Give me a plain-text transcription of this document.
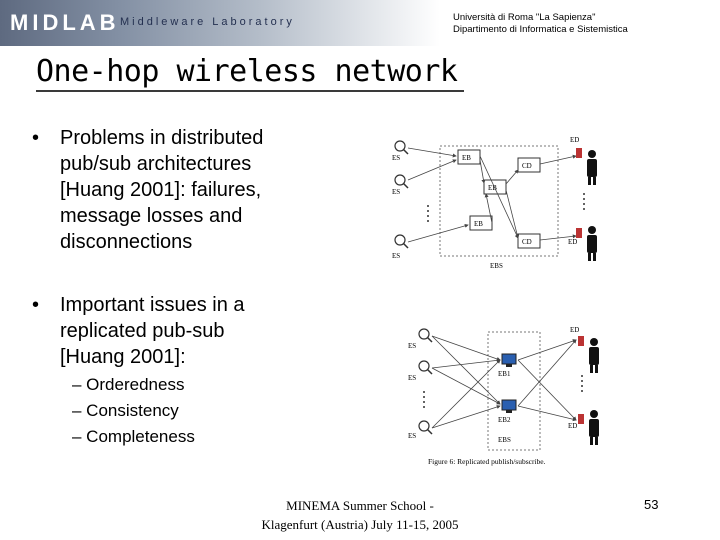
MIDLAB Middleware Laboratory	Università di Roma "La Sapienza"
Dipartimento di Informatica e Sistemistica
One-hop wireless network
• Problems in distributed
pub/sub architectures
[Huang 2001]: failures,
message losses and
disconnections
• Important issues in a
replicated pub-sub
[Huang 2001]:
– Orderedness
– Consistency
– Completeness
ES
ES
ES
EB
EB
EB
CD
CD
ED
ED
EBS
ES
ES
ES
EB1
EB2
ED
ED
EBS
Figure 6: Replicated publish/subscribe.
MINEMA Summer School -
Klagenfurt (Austria) July 11-15, 2005
53
